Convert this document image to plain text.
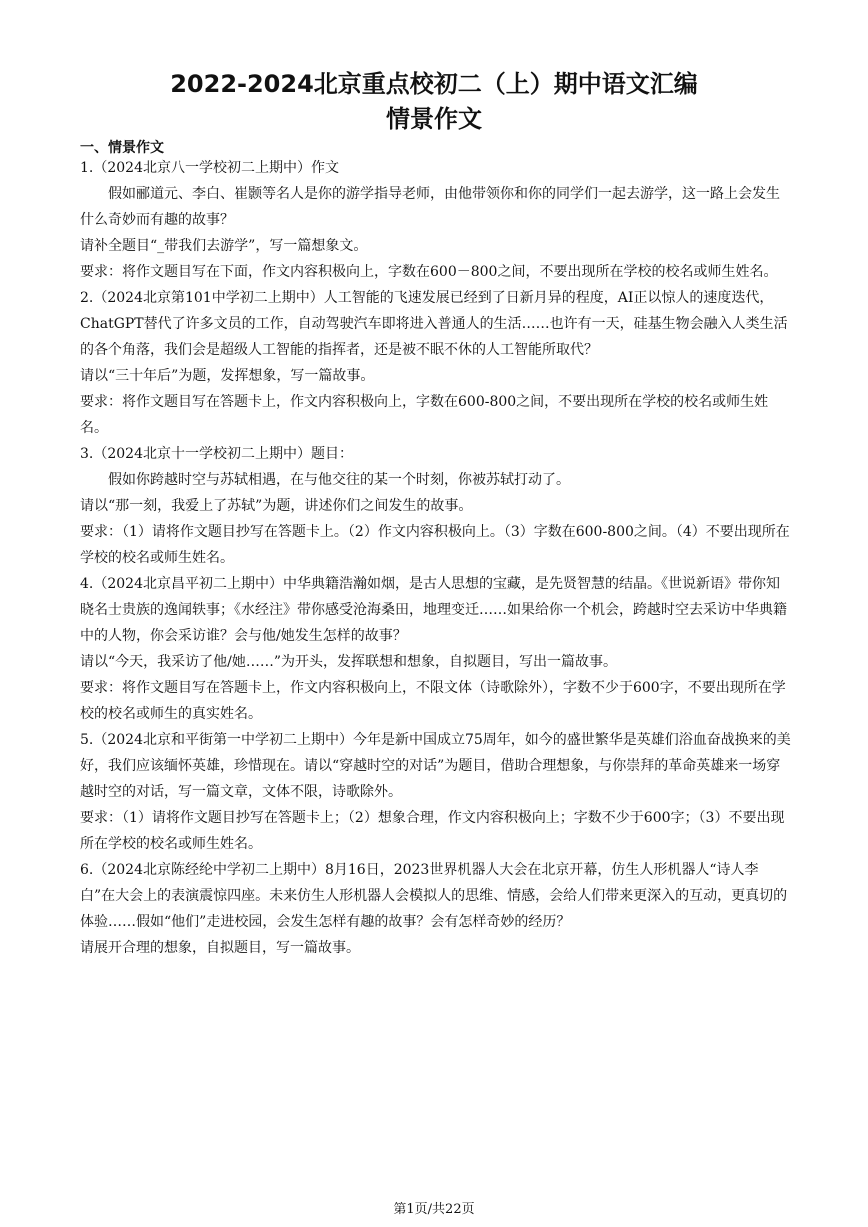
2022-2024北京重点校初二（上）期中语文汇编
情景作文
一、情景作文

1.（2024北京八一学校初二上期中）作文

假如郦道元、李白、崔颢等名人是你的游学指导老师，由他带领你和你的同学们一起去游学，这一路上会发生什么奇妙而有趣的故事？

请补全题目“_带我们去游学”，写一篇想象文。

要求：将作文题目写在下面，作文内容积极向上，字数在600－800之间，不要出现所在学校的校名或师生姓名。

2.（2024北京第101中学初二上期中）人工智能的飞速发展已经到了日新月异的程度，AI正以惊人的速度迭代，ChatGPT替代了许多文员的工作，自动驾驶汽车即将进入普通人的生活……也许有一天，硅基生物会融入人类生活的各个角落，我们会是超级人工智能的指挥者，还是被不眠不休的人工智能所取代？

请以“三十年后”为题，发挥想象，写一篇故事。

要求：将作文题目写在答题卡上，作文内容积极向上，字数在600-800之间，不要出现所在学校的校名或师生姓名。

3.（2024北京十一学校初二上期中）题目：

假如你跨越时空与苏轼相遇，在与他交往的某一个时刻，你被苏轼打动了。

请以“那一刻，我爱上了苏轼”为题，讲述你们之间发生的故事。

要求：（1）请将作文题目抄写在答题卡上。（2）作文内容积极向上。（3）字数在600-800之间。（4）不要出现所在学校的校名或师生姓名。

4.（2024北京昌平初二上期中）中华典籍浩瀚如烟，是古人思想的宝藏，是先贤智慧的结晶。《世说新语》带你知晓名士贵族的逸闻轶事；《水经注》带你感受沧海桑田，地理变迁……如果给你一个机会，跨越时空去采访中华典籍中的人物，你会采访谁？会与他/她发生怎样的故事？

请以“今天，我采访了他/她……”为开头，发挥联想和想象，自拟题目，写出一篇故事。

要求：将作文题目写在答题卡上，作文内容积极向上，不限文体（诗歌除外），字数不少于600字，不要出现所在学校的校名或师生的真实姓名。

5.（2024北京和平街第一中学初二上期中）今年是新中国成立75周年，如今的盛世繁华是英雄们浴血奋战换来的美好，我们应该缅怀英雄，珍惜现在。请以“穿越时空的对话”为题目，借助合理想象，与你崇拜的革命英雄来一场穿越时空的对话，写一篇文章，文体不限，诗歌除外。

要求：（1）请将作文题目抄写在答题卡上；（2）想象合理，作文内容积极向上；字数不少于600字；（3）不要出现所在学校的校名或师生姓名。

6.（2024北京陈经纶中学初二上期中）8月16日，2023世界机器人大会在北京开幕，仿生人形机器人“诗人李白”在大会上的表演震惊四座。未来仿生人形机器人会模拟人的思维、情感，会给人们带来更深入的互动，更真切的体验……假如“他们”走进校园，会发生怎样有趣的故事？会有怎样奇妙的经历？

请展开合理的想象，自拟题目，写一篇故事。

第1页/共22页
